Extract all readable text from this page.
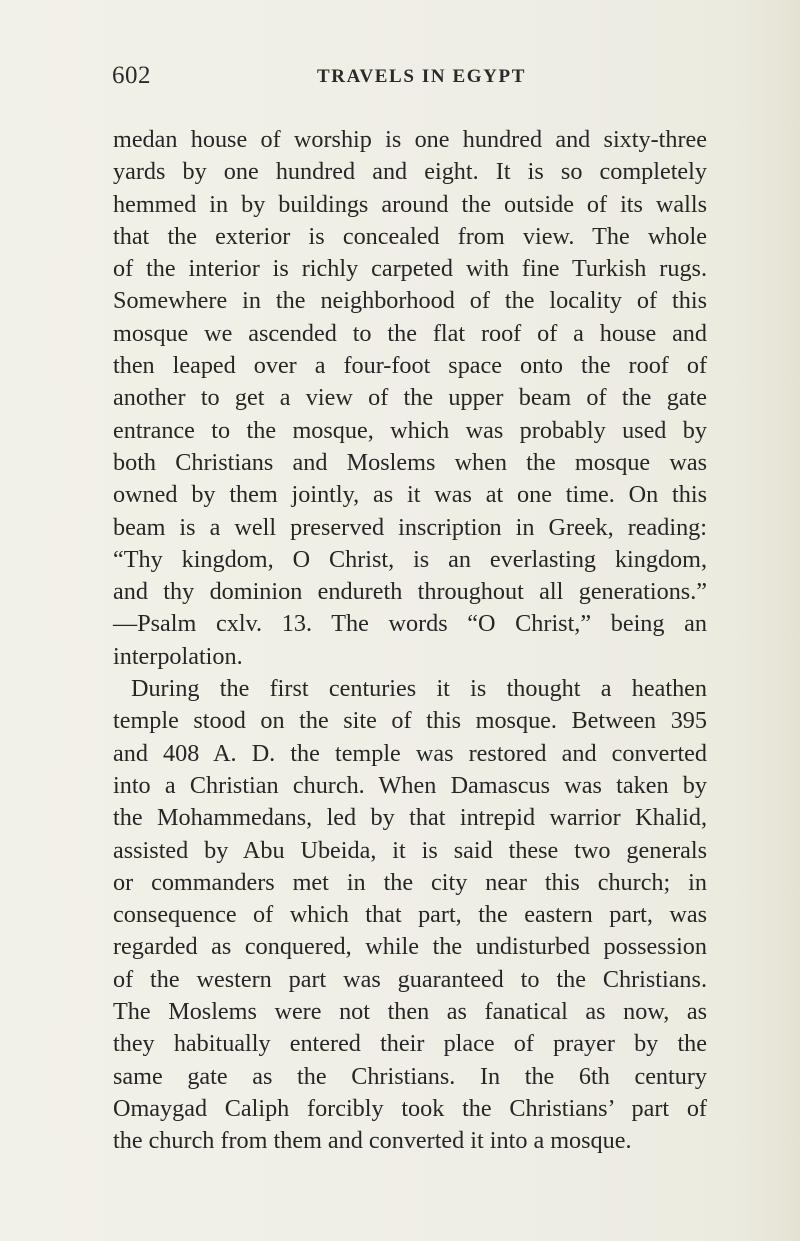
602	TRAVELS IN EGYPT
medan house of worship is one hundred and sixty-three
yards by one hundred and eight. It is so completely
hemmed in by buildings around the outside of its walls
that the exterior is concealed from view. The whole
of the interior is richly carpeted with fine Turkish rugs.
Somewhere in the neighborhood of the locality of this
mosque we ascended to the flat roof of a house and
then leaped over a four-foot space onto the roof of
another to get a view of the upper beam of the gate
entrance to the mosque, which was probably used by
both Christians and Moslems when the mosque was
owned by them jointly, as it was at one time. On this
beam is a well preserved inscription in Greek, reading:
“Thy kingdom, O Christ, is an everlasting kingdom,
and thy dominion endureth throughout all generations.”
—Psalm cxlv. 13. The words “O Christ,” being an
interpolation.
During the first centuries it is thought a heathen
temple stood on the site of this mosque. Between 395
and 408 A. D. the temple was restored and converted
into a Christian church. When Damascus was taken by
the Mohammedans, led by that intrepid warrior Khalid,
assisted by Abu Ubeida, it is said these two generals
or commanders met in the city near this church; in
consequence of which that part, the eastern part, was
regarded as conquered, while the undisturbed possession
of the western part was guaranteed to the Christians.
The Moslems were not then as fanatical as now, as
they habitually entered their place of prayer by the
same gate as the Christians. In the 6th century
Omaygad Caliph forcibly took the Christians’ part of
the church from them and converted it into a mosque.
